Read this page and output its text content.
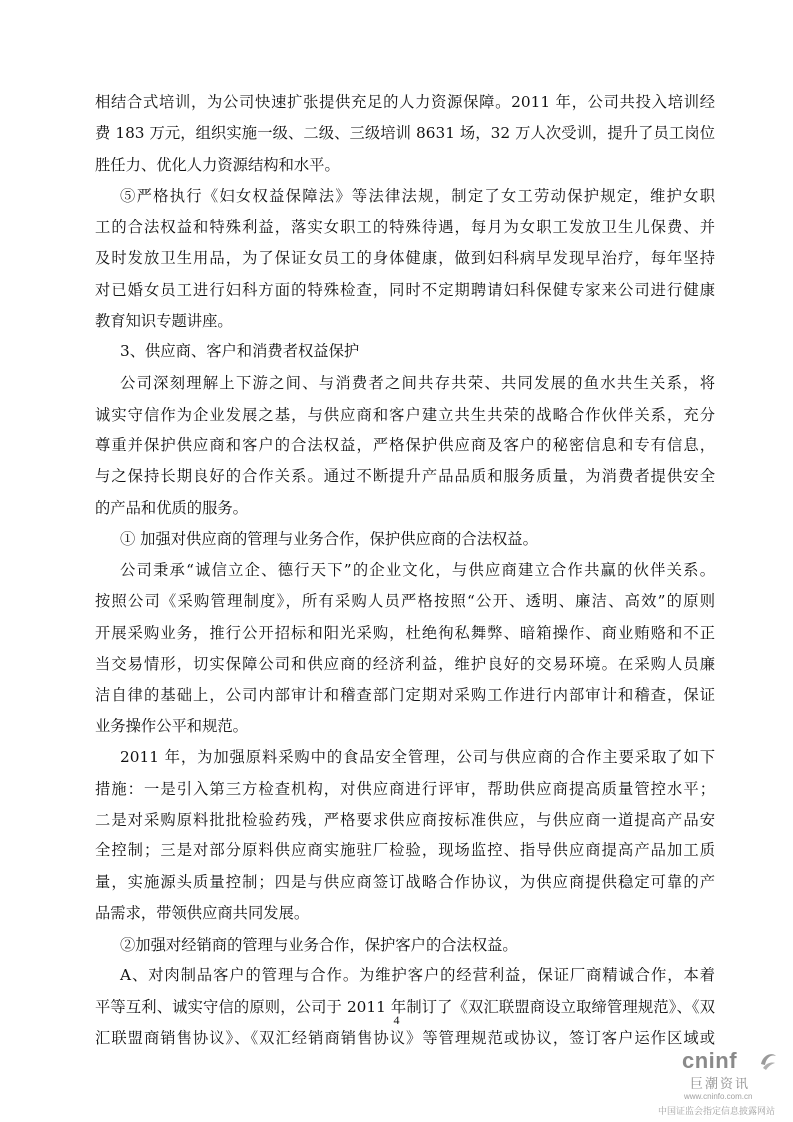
相结合式培训，为公司快速扩张提供充足的人力资源保障。2011 年，公司共投入培训经
费 183 万元，组织实施一级、二级、三级培训 8631 场，32 万人次受训，提升了员工岗位
胜任力、优化人力资源结构和水平。
⑤严格执行《妇女权益保障法》等法律法规，制定了女工劳动保护规定，维护女职
工的合法权益和特殊利益，落实女职工的特殊待遇，每月为女职工发放卫生儿保费、并
及时发放卫生用品，为了保证女员工的身体健康，做到妇科病早发现早治疗，每年坚持
对已婚女员工进行妇科方面的特殊检查，同时不定期聘请妇科保健专家来公司进行健康
教育知识专题讲座。
3、供应商、客户和消费者权益保护
公司深刻理解上下游之间、与消费者之间共存共荣、共同发展的鱼水共生关系，将
诚实守信作为企业发展之基，与供应商和客户建立共生共荣的战略合作伙伴关系，充分
尊重并保护供应商和客户的合法权益，严格保护供应商及客户的秘密信息和专有信息，
与之保持长期良好的合作关系。通过不断提升产品品质和服务质量，为消费者提供安全
的产品和优质的服务。
① 加强对供应商的管理与业务合作，保护供应商的合法权益。
公司秉承“诚信立企、德行天下”的企业文化，与供应商建立合作共赢的伙伴关系。
按照公司《采购管理制度》，所有采购人员严格按照“公开、透明、廉洁、高效”的原则
开展采购业务，推行公开招标和阳光采购，杜绝徇私舞弊、暗箱操作、商业贿赂和不正
当交易情形，切实保障公司和供应商的经济利益，维护良好的交易环境。在采购人员廉
洁自律的基础上，公司内部审计和稽查部门定期对采购工作进行内部审计和稽查，保证
业务操作公平和规范。
2011 年，为加强原料采购中的食品安全管理，公司与供应商的合作主要采取了如下
措施：一是引入第三方检查机构，对供应商进行评审，帮助供应商提高质量管控水平；
二是对采购原料批批检验药残，严格要求供应商按标准供应，与供应商一道提高产品安
全控制；三是对部分原料供应商实施驻厂检验，现场监控、指导供应商提高产品加工质
量，实施源头质量控制；四是与供应商签订战略合作协议，为供应商提供稳定可靠的产
品需求，带领供应商共同发展。
②加强对经销商的管理与业务合作，保护客户的合法权益。
A、对肉制品客户的管理与合作。为维护客户的经营利益，保证厂商精诚合作，本着
平等互利、诚实守信的原则，公司于 2011 年制订了《双汇联盟商设立取缔管理规范》、《双
汇联盟商销售协议》、《双汇经销商销售协议》等管理规范或协议，签订客户运作区域或
4
cninf
巨潮资讯
www.cninfo.com.cn
中国证监会指定信息披露网站
